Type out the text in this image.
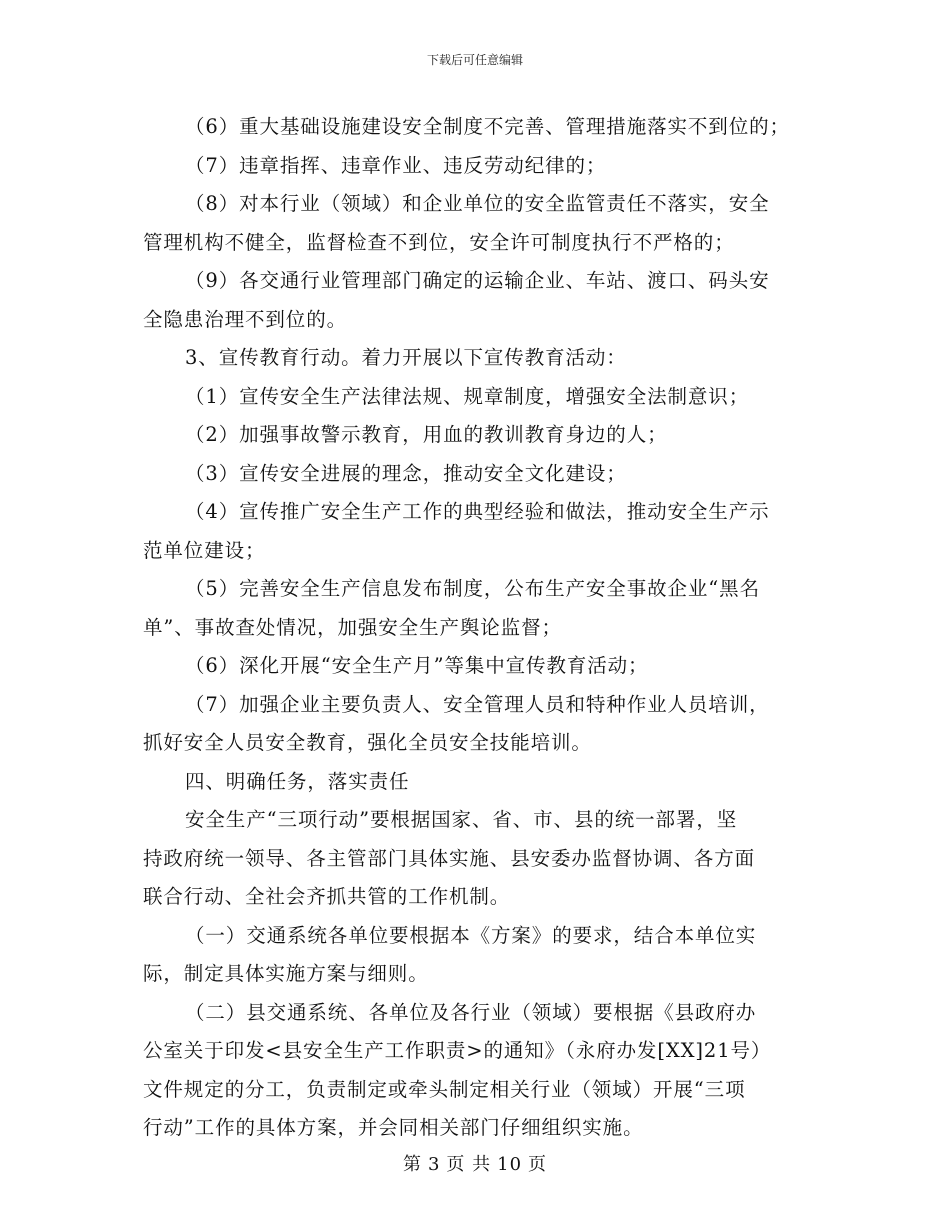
下载后可任意编辑

（6）重大基础设施建设安全制度不完善、管理措施落实不到位的；

（7）违章指挥、违章作业、违反劳动纪律的；

（8）对本行业（领域）和企业单位的安全监管责任不落实，安全
管理机构不健全，监督检查不到位，安全许可制度执行不严格的；

（9）各交通行业管理部门确定的运输企业、车站、渡口、码头安
全隐患治理不到位的。

3、宣传教育行动。着力开展以下宣传教育活动：

（1）宣传安全生产法律法规、规章制度，增强安全法制意识；

（2）加强事故警示教育，用血的教训教育身边的人；

（3）宣传安全进展的理念，推动安全文化建设；

（4）宣传推广安全生产工作的典型经验和做法，推动安全生产示
范单位建设；

（5）完善安全生产信息发布制度，公布生产安全事故企业“黑名
单”、事故查处情况，加强安全生产舆论监督；

（6）深化开展“安全生产月”等集中宣传教育活动；

（7）加强企业主要负责人、安全管理人员和特种作业人员培训，
抓好安全人员安全教育，强化全员安全技能培训。

四、明确任务，落实责任

安全生产“三项行动”要根据国家、省、市、县的统一部署，坚
持政府统一领导、各主管部门具体实施、县安委办监督协调、各方面
联合行动、全社会齐抓共管的工作机制。

（一）交通系统各单位要根据本《方案》的要求，结合本单位实
际，制定具体实施方案与细则。

（二）县交通系统、各单位及各行业（领域）要根据《县政府办
公室关于印发<县安全生产工作职责>的通知》（永府办发[XX]21号）
文件规定的分工，负责制定或牵头制定相关行业（领域）开展“三项
行动”工作的具体方案，并会同相关部门仔细组织实施。

第 3 页 共 10 页
